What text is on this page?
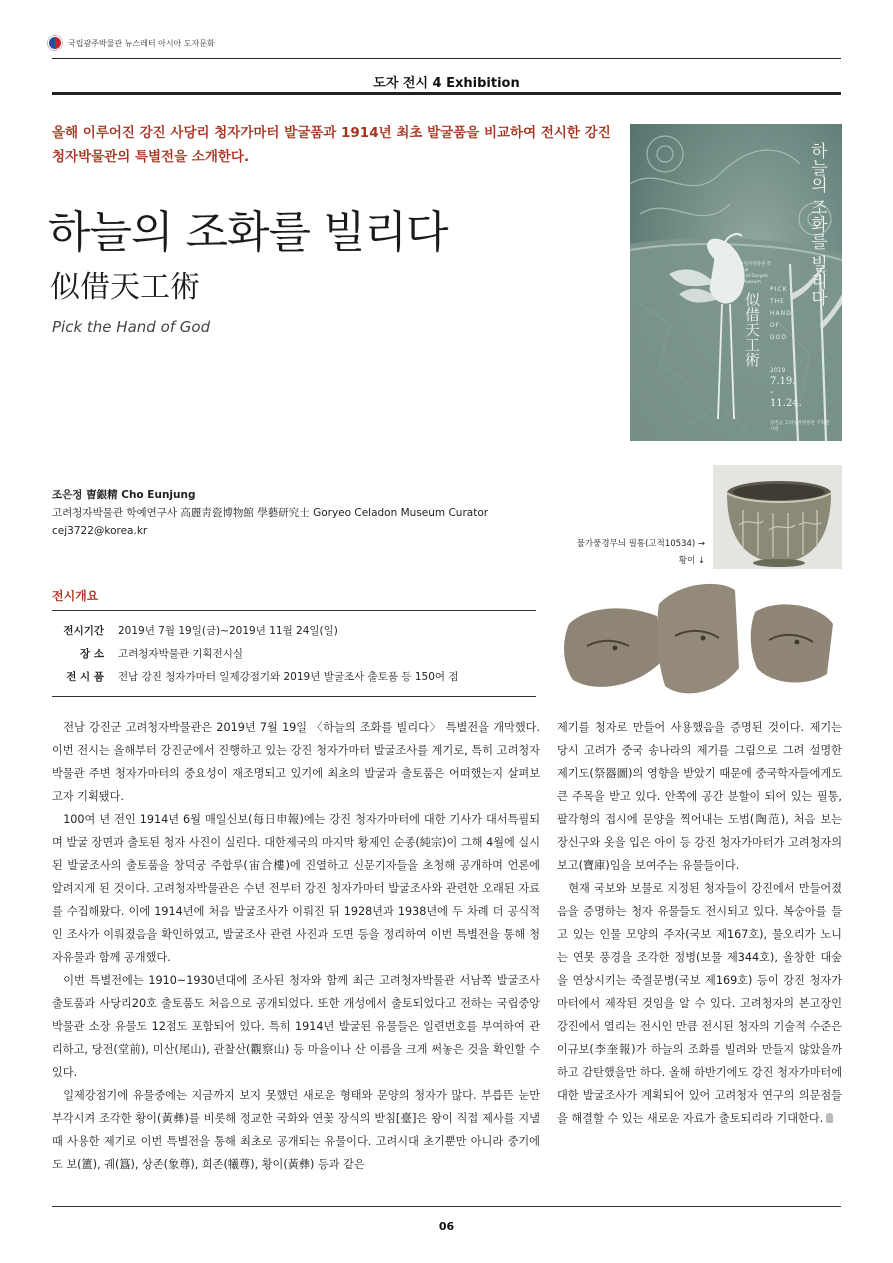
국립광주박물관 뉴스레터 아시아 도자문화
도자 전시 4 Exhibition
올해 이루어진 강진 사당리 청자가마터 발굴품과 1914년 최초 발굴품을 비교하여 전시한 강진 청자박물관의 특별전을 소개한다.
하늘의 조화를 빌리다
似借天工術
Pick the Hand of God
하늘의 조화를 빌리다
2019 고려청자박물관 특별전 Special Exhibition of Goryeo Celadon Museum
似借天工術
PICK
THE
HAND
OF
GOD
2019
7.19.
-
11.24.
강진군 고려청자박물관 기획전시실
조은정 曺銀精 Cho Eunjung
고려청자박물관 학예연구사 高麗靑瓷博物館 學藝研究士 Goryeo Celadon Museum Curator
cej3722@korea.kr
물가풍경무늬 필통(고적10534) →
황이 ↓
전시개요
전시기간	2019년 7월 19일(금)~2019년 11월 24일(일)
장 소	고려청자박물관 기획전시실
전 시 품	전남 강진 청자가마터 일제강점기와 2019년 발굴조사 출토품 등 150여 점

전남 강진군 고려청자박물관은 2019년 7월 19일 〈하늘의 조화를 빌리다〉 특별전을 개막했다. 이번 전시는 올해부터 강진군에서 진행하고 있는 강진 청자가마터 발굴조사를 계기로, 특히 고려청자박물관 주변 청자가마터의 중요성이 재조명되고 있기에 최초의 발굴과 출토품은 어떠했는지 살펴보고자 기획됐다.

100여 년 전인 1914년 6월 매일신보(每日申報)에는 강진 청자가마터에 대한 기사가 대서특필되며 발굴 장면과 출토된 청자 사진이 실린다. 대한제국의 마지막 황제인 순종(純宗)이 그해 4월에 실시된 발굴조사의 출토품을 창덕궁 주합루(宙合樓)에 진열하고 신문기자들을 초청해 공개하며 언론에 알려지게 된 것이다. 고려청자박물관은 수년 전부터 강진 청자가마터 발굴조사와 관련한 오래된 자료를 수집해왔다. 이에 1914년에 처음 발굴조사가 이뤄진 뒤 1928년과 1938년에 두 차례 더 공식적인 조사가 이뤄졌음을 확인하였고, 발굴조사 관련 사진과 도면 등을 정리하여 이번 특별전을 통해 청자유물과 함께 공개했다.

이번 특별전에는 1910~1930년대에 조사된 청자와 함께 최근 고려청자박물관 서남쪽 발굴조사 출토품과 사당리20호 출토품도 처음으로 공개되었다. 또한 개성에서 출토되었다고 전하는 국립중앙박물관 소장 유물도 12점도 포함되어 있다. 특히 1914년 발굴된 유물들은 일련번호를 부여하여 관리하고, 당전(堂前), 미산(尾山), 관찰산(觀察山) 등 마을이나 산 이름을 크게 써놓은 것을 확인할 수 있다.

일제강점기에 유물중에는 지금까지 보지 못했던 새로운 형태와 문양의 청자가 많다. 부릅뜬 눈만 부각시켜 조각한 황이(黃彝)를 비롯해 정교한 국화와 연꽃 장식의 받침[臺]은 왕이 직접 제사를 지낼 때 사용한 제기로 이번 특별전을 통해 최초로 공개되는 유물이다. 고려시대 초기뿐만 아니라 중기에도 보(簠), 궤(簋), 상존(象尊), 희존(犧尊), 황이(黃彝) 등과 같은

제기를 청자로 만들어 사용했음을 증명된 것이다. 제기는 당시 고려가 중국 송나라의 제기를 그림으로 그려 설명한 제기도(祭器圖)의 영향을 받았기 때문에 중국학자들에게도 큰 주목을 받고 있다. 안쪽에 공간 분할이 되어 있는 필통, 팔각형의 접시에 문양을 찍어내는 도범(陶范), 처음 보는 장신구와 옷을 입은 아이 등 강진 청자가마터가 고려청자의 보고(寶庫)임을 보여주는 유물들이다.

현재 국보와 보물로 지정된 청자들이 강진에서 만들어졌음을 증명하는 청자 유물들도 전시되고 있다. 복숭아를 들고 있는 인물 모양의 주자(국보 제167호), 물오리가 노니는 연못 풍경을 조각한 정병(보물 제344호), 올창한 대숲을 연상시키는 죽절문병(국보 제169호) 등이 강진 청자가마터에서 제작된 것임을 알 수 있다. 고려청자의 본고장인 강진에서 열리는 전시인 만큼 전시된 청자의 기술적 수준은 이규보(李奎報)가 하늘의 조화를 빌려와 만들지 않았을까하고 감탄했을만 하다. 올해 하반기에도 강진 청자가마터에 대한 발굴조사가 계획되어 있어 고려청자 연구의 의문점들을 해결할 수 있는 새로운 자료가 출토되리라 기대한다.

06
